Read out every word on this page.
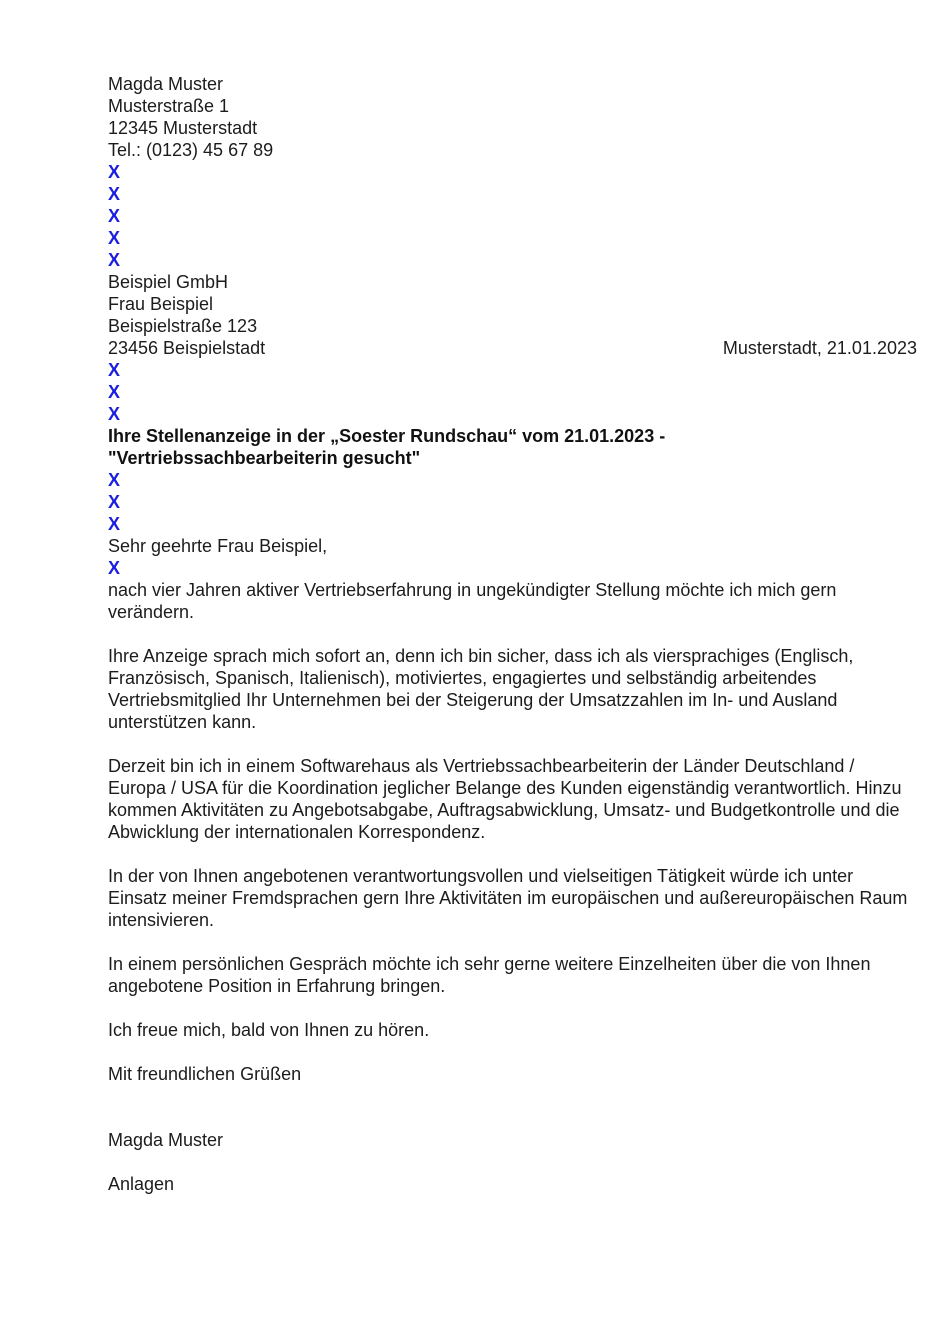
Magda Muster
Musterstraße 1
12345 Musterstadt
Tel.: (0123) 45 67 89
X
X
X
X
X
Beispiel GmbH
Frau Beispiel
Beispielstraße 123
23456 Beispielstadt	Musterstadt, 21.01.2023
X
X
X
Ihre Stellenanzeige in der „Soester Rundschau“ vom 21.01.2023 -
"Vertriebssachbearbeiterin gesucht"
X
X
X
Sehr geehrte Frau Beispiel,
X

nach vier Jahren aktiver Vertriebserfahrung in ungekündigter Stellung möchte ich mich gern verändern.

Ihre Anzeige sprach mich sofort an, denn ich bin sicher, dass ich als viersprachiges (Englisch, Französisch, Spanisch, Italienisch), motiviertes, engagiertes und selbständig arbeitendes Vertriebsmitglied Ihr Unternehmen bei der Steigerung der Umsatzzahlen im In- und Ausland unterstützen kann.

Derzeit bin ich in einem Softwarehaus als Vertriebssachbearbeiterin der Länder Deutschland / Europa / USA für die Koordination jeglicher Belange des Kunden eigenständig verantwortlich. Hinzu kommen Aktivitäten zu Angebotsabgabe, Auftragsabwicklung, Umsatz- und Budgetkontrolle und die Abwicklung der internationalen Korrespondenz.

In der von Ihnen angebotenen verantwortungsvollen und vielseitigen Tätigkeit würde ich unter Einsatz meiner Fremdsprachen gern Ihre Aktivitäten im europäischen und außereuropäischen Raum intensivieren.

In einem persönlichen Gespräch möchte ich sehr gerne weitere Einzelheiten über die von Ihnen angebotene Position in Erfahrung bringen.

Ich freue mich, bald von Ihnen zu hören.

Mit freundlichen Grüßen

Magda Muster

Anlagen
